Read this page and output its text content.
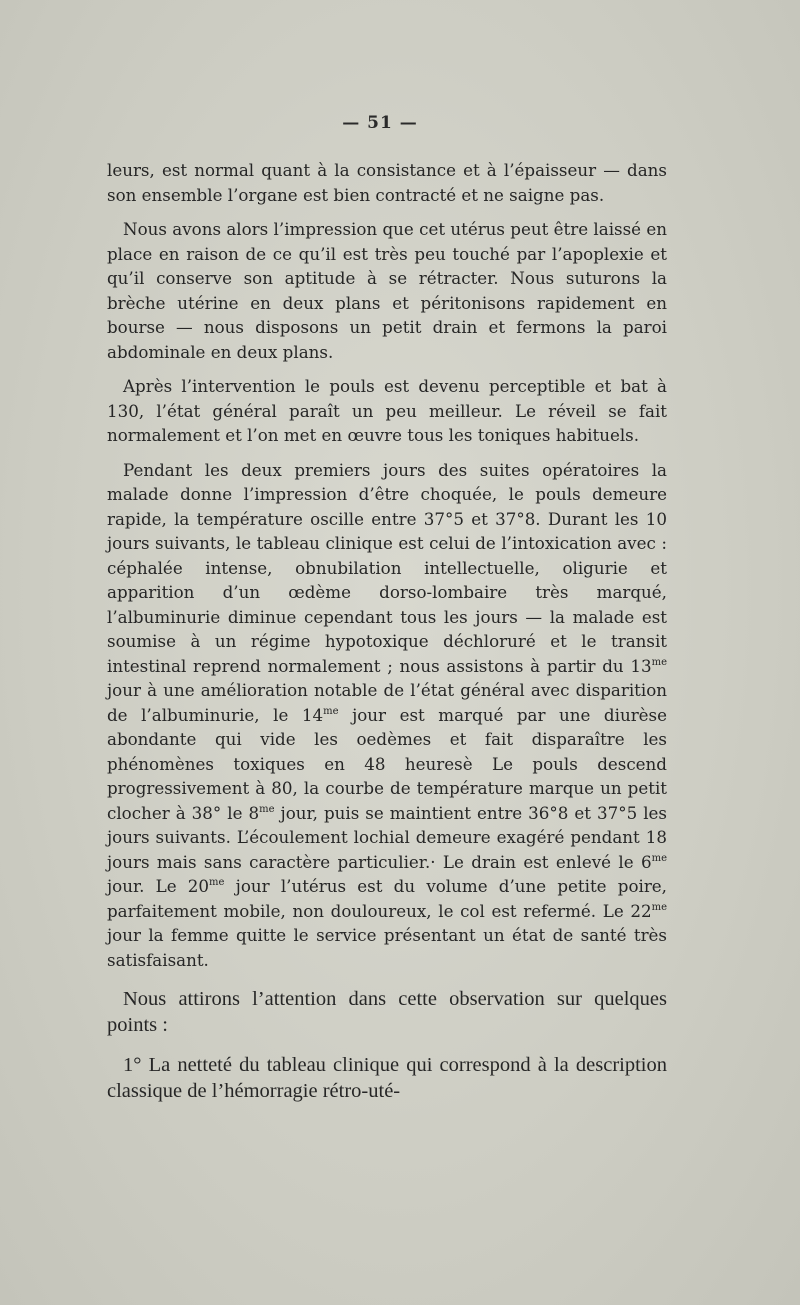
— 51 —

leurs, est normal quant à la consistance et à l’épaisseur — dans son ensemble l’organe est bien contracté et ne saigne pas.

Nous avons alors l’impression que cet utérus peut être laissé en place en raison de ce qu’il est très peu touché par l’apoplexie et qu’il conserve son aptitude à se rétracter. Nous suturons la brèche utérine en deux plans et péritonisons rapidement en bourse — nous disposons un petit drain et fermons la paroi abdominale en deux plans.

Après l’intervention le pouls est devenu perceptible et bat à 130, l’état général paraît un peu meilleur. Le réveil se fait normalement et l’on met en œuvre tous les toniques habituels.

Pendant les deux premiers jours des suites opératoires la malade donne l’impression d’être choquée, le pouls demeure rapide, la température oscille entre 37°5 et 37°8. Durant les 10 jours suivants, le tableau clinique est celui de l’intoxication avec : céphalée intense, obnubilation intellectuelle, oligurie et apparition d’un œdème dorso-lombaire très marqué, l’albuminurie diminue cependant tous les jours — la malade est soumise à un régime hypotoxique déchloruré et le transit intestinal reprend normalement ; nous assistons à partir du $13^{me}$ jour à une amélioration notable de l’état général avec disparition de l’albuminurie, le $14^{me}$ jour est marqué par une diurèse abondante qui vide les oedèmes et fait disparaître les phénomènes toxiques en 48 heuresè Le pouls descend progressivement à 80, la courbe de température marque un petit clocher à 38° le $8^{me}$ jour, puis se maintient entre 36°8 et 37°5 les jours suivants. L’écoulement lochial demeure exagéré pendant 18 jours mais sans caractère particulier.· Le drain est enlevé le $6^{me}$ jour. Le $20^{me}$ jour l’utérus est du volume d’une petite poire, parfaitement mobile, non douloureux, le col est refermé. Le $22^{me}$ jour la femme quitte le service présentant un état de santé très satisfaisant.

Nous attirons l’attention dans cette observation sur quelques points :

1° La netteté du tableau clinique qui correspond à la description classique de l’hémorragie rétro-uté-
